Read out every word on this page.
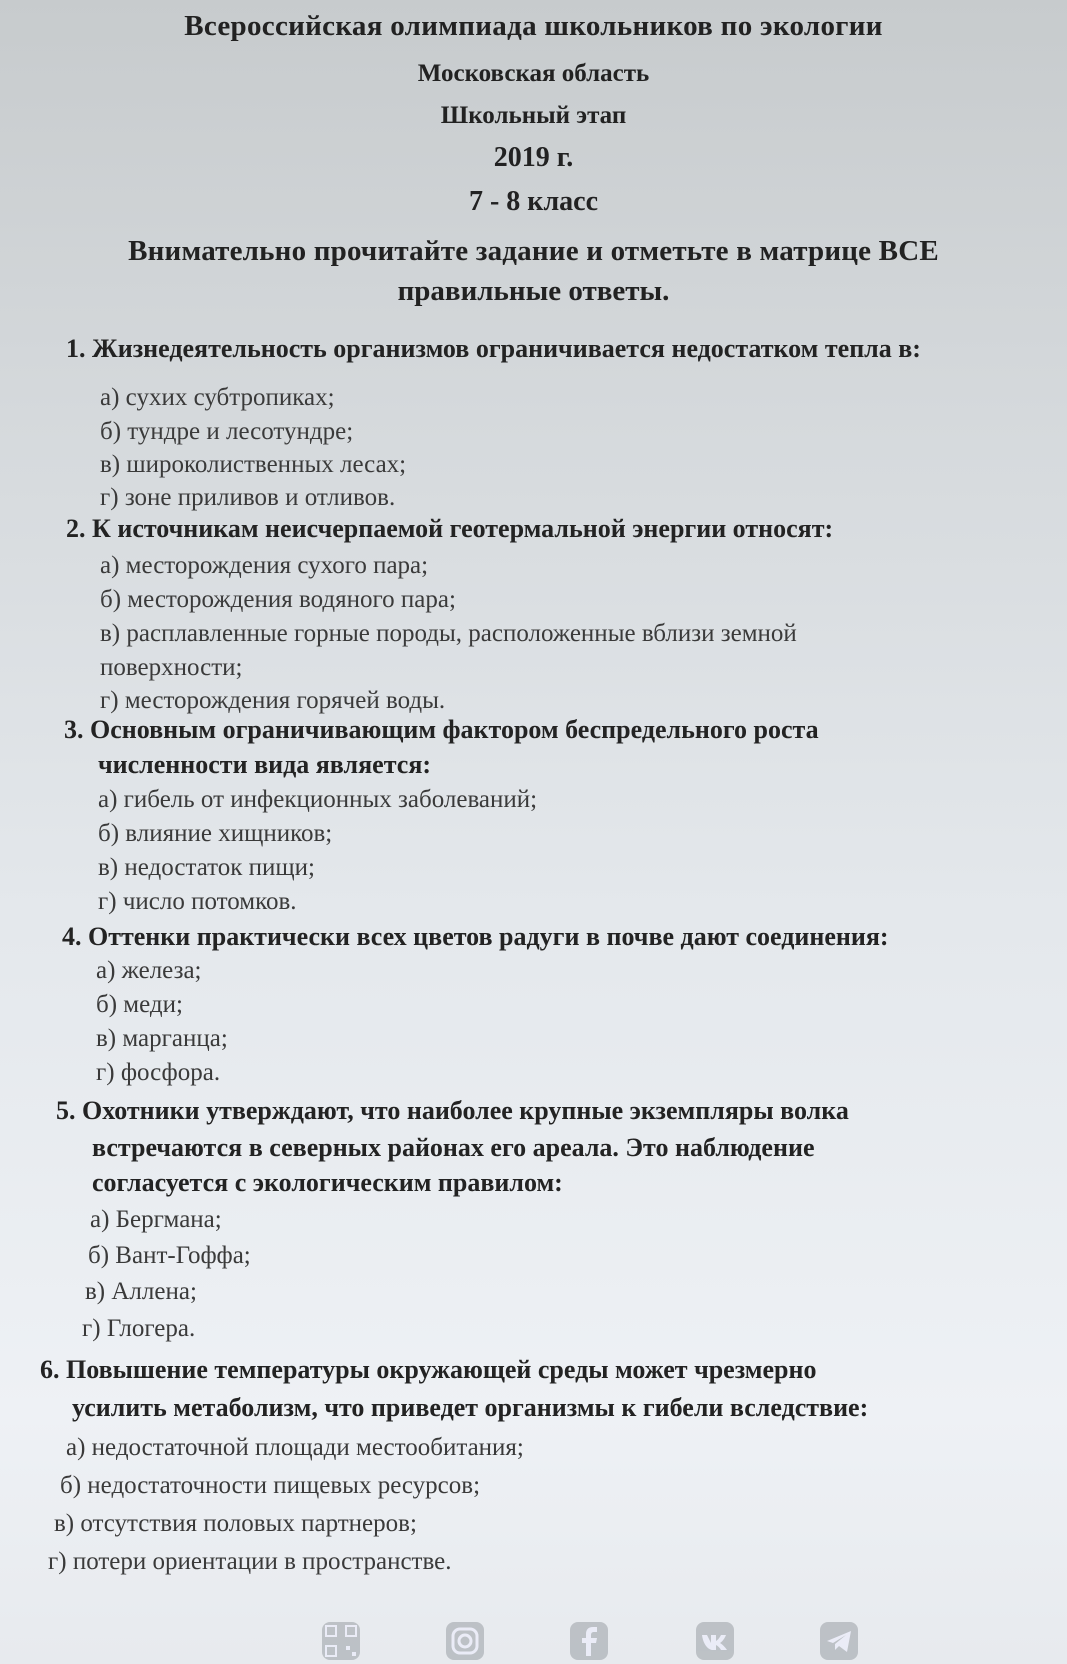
Всероссийская олимпиада школьников по экологии
Московская область
Школьный этап
2019 г.
7 - 8 класс
Внимательно прочитайте задание и отметьте в матрице ВСЕ
правильные ответы.
1. Жизнедеятельность организмов ограничивается недостатком тепла в:
а) сухих субтропиках;
б) тундре и лесотундре;
в) широколиственных лесах;
г) зоне приливов и отливов.
2. К источникам неисчерпаемой геотермальной энергии относят:
а) месторождения сухого пара;
б) месторождения водяного пара;
в) расплавленные горные породы, расположенные вблизи земной
поверхности;
г) месторождения горячей воды.
3. Основным ограничивающим фактором беспредельного роста
численности вида является:
а) гибель от инфекционных заболеваний;
б) влияние хищников;
в) недостаток пищи;
г) число потомков.
4. Оттенки практически всех цветов радуги в почве дают соединения:
а) железа;
б) меди;
в) марганца;
г) фосфора.
5. Охотники утверждают, что наиболее крупные экземпляры волка
встречаются в северных районах его ареала. Это наблюдение
согласуется с экологическим правилом:
а) Бергмана;
б) Вант-Гоффа;
в) Аллена;
г) Глогера.
6. Повышение температуры окружающей среды может чрезмерно
усилить метаболизм, что приведет организмы к гибели вследствие:
а) недостаточной площади местообитания;
б) недостаточности пищевых ресурсов;
в) отсутствия половых партнеров;
г) потери ориентации в пространстве.
